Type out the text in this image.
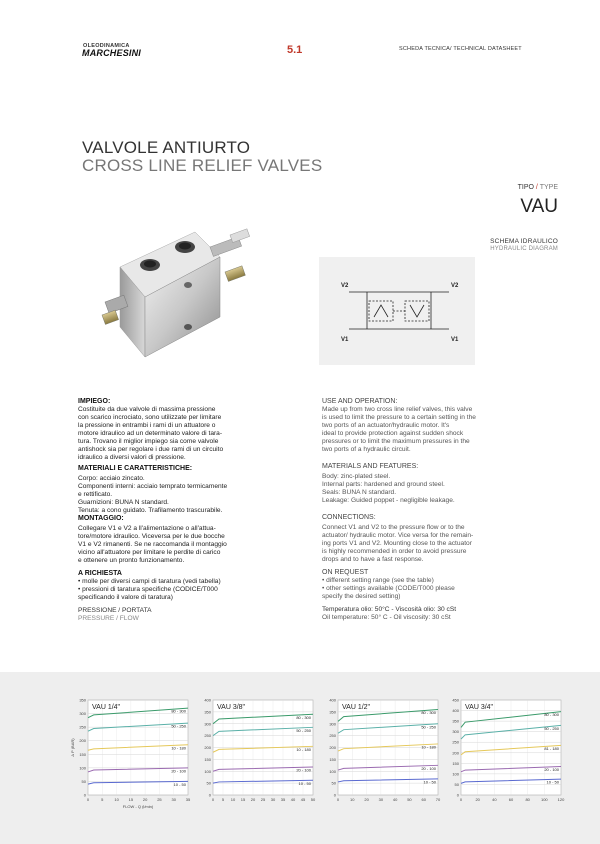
OLEODINAMICA
MARCHESINI	5.1	SCHEDA TECNICA/ TECHNICAL DATASHEET
VALVOLE ANTIURTO
CROSS LINE RELIEF VALVES
TIPO / TYPE
VAU
SCHEMA IDRAULICO
HYDRAULIC DIAGRAM
V2	V2
V1	V1
IMPIEGO:
Costituite da due valvole di massima pressione
con scarico incrociato, sono utilizzate per limitare
la pressione in entrambi i rami di un attuatore o
motore idraulico ad un determinato valore di tara-
tura. Trovano il miglior impiego sia come valvole
antishock sia per regolare i due rami di un circuito
idraulico a diversi valori di pressione.
MATERIALI E CARATTERISTICHE:
Corpo: acciaio zincato.
Componenti interni: acciaio temprato termicamente
e rettificato.
Guarnizioni: BUNA N standard.
Tenuta: a cono guidato. Trafilamento trascurabile.
MONTAGGIO:
Collegare V1 e V2 a ll'alimentazione o all'attua-
tore/motore idraulico. Viceversa per le due bocche
V1 e V2 rimanenti. Se ne raccomanda il montaggio
vicino all'attuatore per limitare le perdite di carico
e ottenere un pronto funzionamento.
A RICHIESTA
• molle per diversi campi di taratura (vedi tabella)
• pressioni di taratura specifiche (CODICE/T000
specificando il valore di taratura)
PRESSIONE / PORTATA
PRESSURE / FLOW
USE AND OPERATION:
Made up from two cross line relief valves, this valve
is used to limit the pressure to a certain setting in the
two ports of an actuator/hydraulic motor. It's
ideal to provide protection against sudden shock
pressures or to limit the maximum pressures in the
two ports of a hydraulic circuit.
MATERIALS AND FEATURES:
Body: zinc-plated steel.
Internal parts: hardened and ground steel.
Seals: BUNA N standard.
Leakage: Guided poppet - negligible leakage.
CONNECTIONS:
Connect V1 and V2 to the pressure flow or to the
actuator/ hydraulic motor. Vice versa for the remain-
ing ports V1 and V2. Mounting close to the actuator
is highly recommended in order to avoid pressure
drops and to have a fast response.
ON REQUEST
• different setting range (see the table)
• other settings available (CODE/T000 please
specify the desired setting)
Temperatura olio: 50°C - Viscosità olio: 30 cSt
Oil temperature: 50° C - Oil viscosity: 30 cSt
0
50
100
150
200
250
300
350
0	5	10 15 20 25 30 35
80 - 300
50 - 250
10 - 180
20 - 100
10 - 50
VAU 1/4"
Δ P (BAR)
FLOW - Q (l/min)
0
50
100
150
200
250
300
350
400
0 5 10 15 20 25 30 35 40 45 50
80 - 300
50 - 250
10 - 180
20 - 100
10 - 50
VAU 3/8"
0
50
100
150
200
250
300
350
400
0	10 20 30 40 50 60 70
80 - 300
50 - 250
10 - 180
20 - 100
10 - 50
VAU 1/2"
0
50
100
150
200
250
300
350
400
450
0	20	40	60	80	100 120
80 - 300
50 - 250
81 - 180
20 - 100
10 - 50
VAU 3/4"
